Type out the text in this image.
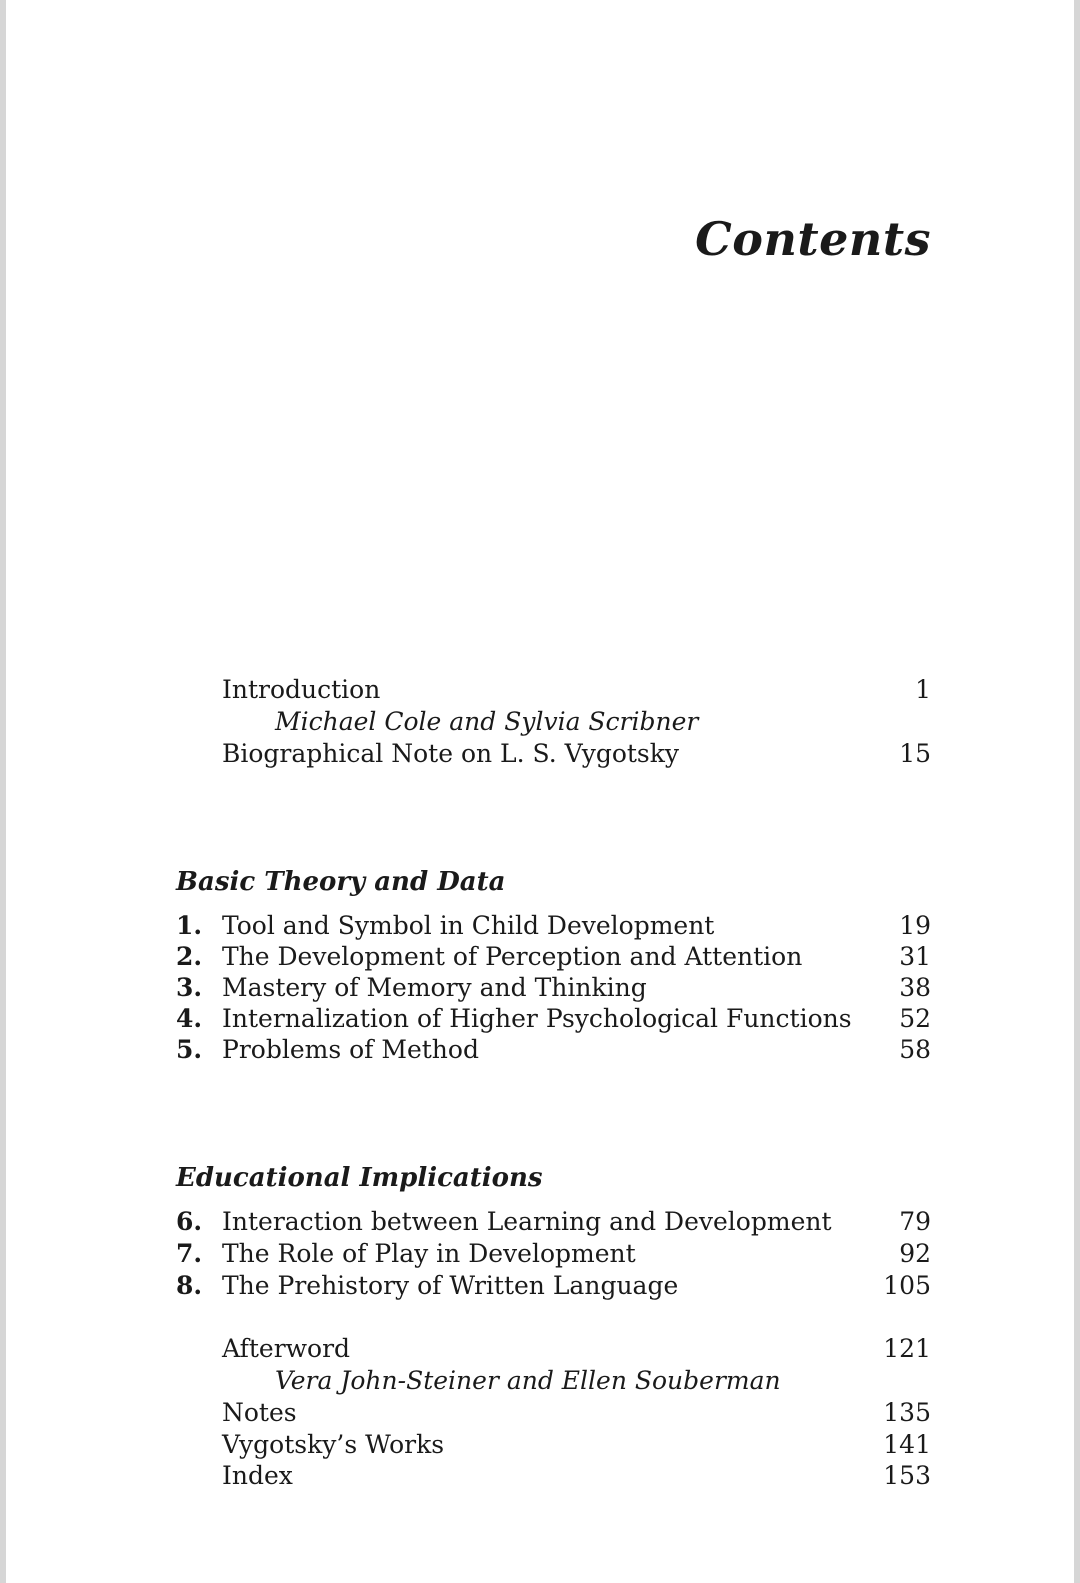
Contents
Introduction	1
Michael Cole and Sylvia Scribner
Biographical Note on L. S. Vygotsky	15
Basic Theory and Data
1. Tool and Symbol in Child Development	19
2. The Development of Perception and Attention	31
3. Mastery of Memory and Thinking	38
4. Internalization of Higher Psychological Functions 52
5. Problems of Method	58
Educational Implications
6. Interaction between Learning and Development	79
7. The Role of Play in Development	92
8. The Prehistory of Written Language	105
Afterword	121
Vera John-Steiner and Ellen Souberman
Notes	135
Vygotsky’s Works	141
Index	153
